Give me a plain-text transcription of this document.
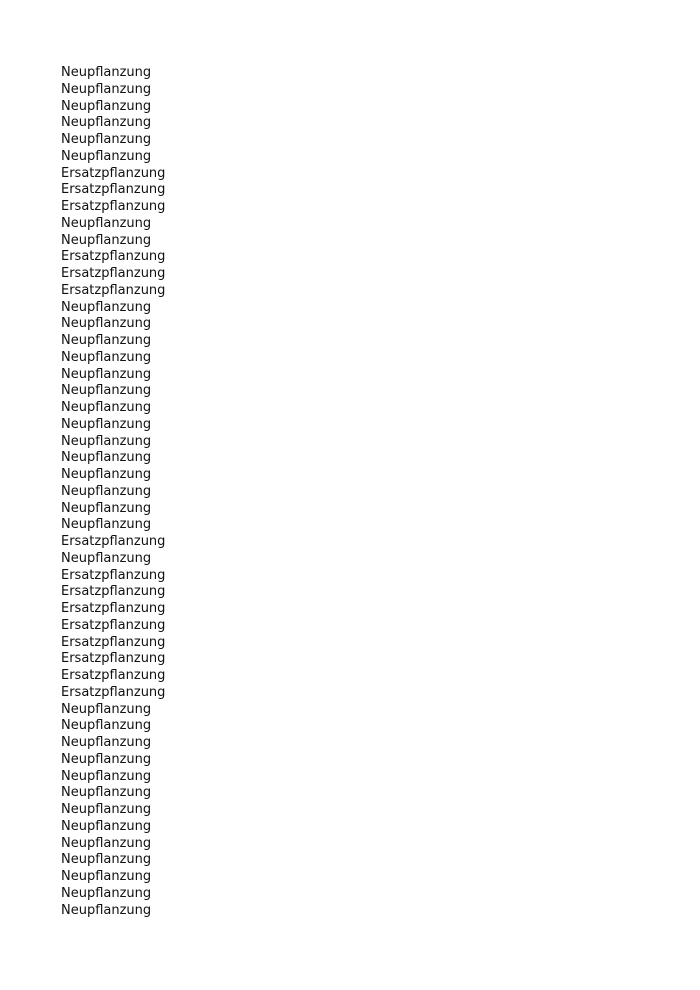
Neupflanzung
Neupflanzung
Neupflanzung
Neupflanzung
Neupflanzung
Neupflanzung
Ersatzpflanzung
Ersatzpflanzung
Ersatzpflanzung
Neupflanzung
Neupflanzung
Ersatzpflanzung
Ersatzpflanzung
Ersatzpflanzung
Neupflanzung
Neupflanzung
Neupflanzung
Neupflanzung
Neupflanzung
Neupflanzung
Neupflanzung
Neupflanzung
Neupflanzung
Neupflanzung
Neupflanzung
Neupflanzung
Neupflanzung
Neupflanzung
Ersatzpflanzung
Neupflanzung
Ersatzpflanzung
Ersatzpflanzung
Ersatzpflanzung
Ersatzpflanzung
Ersatzpflanzung
Ersatzpflanzung
Ersatzpflanzung
Ersatzpflanzung
Neupflanzung
Neupflanzung
Neupflanzung
Neupflanzung
Neupflanzung
Neupflanzung
Neupflanzung
Neupflanzung
Neupflanzung
Neupflanzung
Neupflanzung
Neupflanzung
Neupflanzung
